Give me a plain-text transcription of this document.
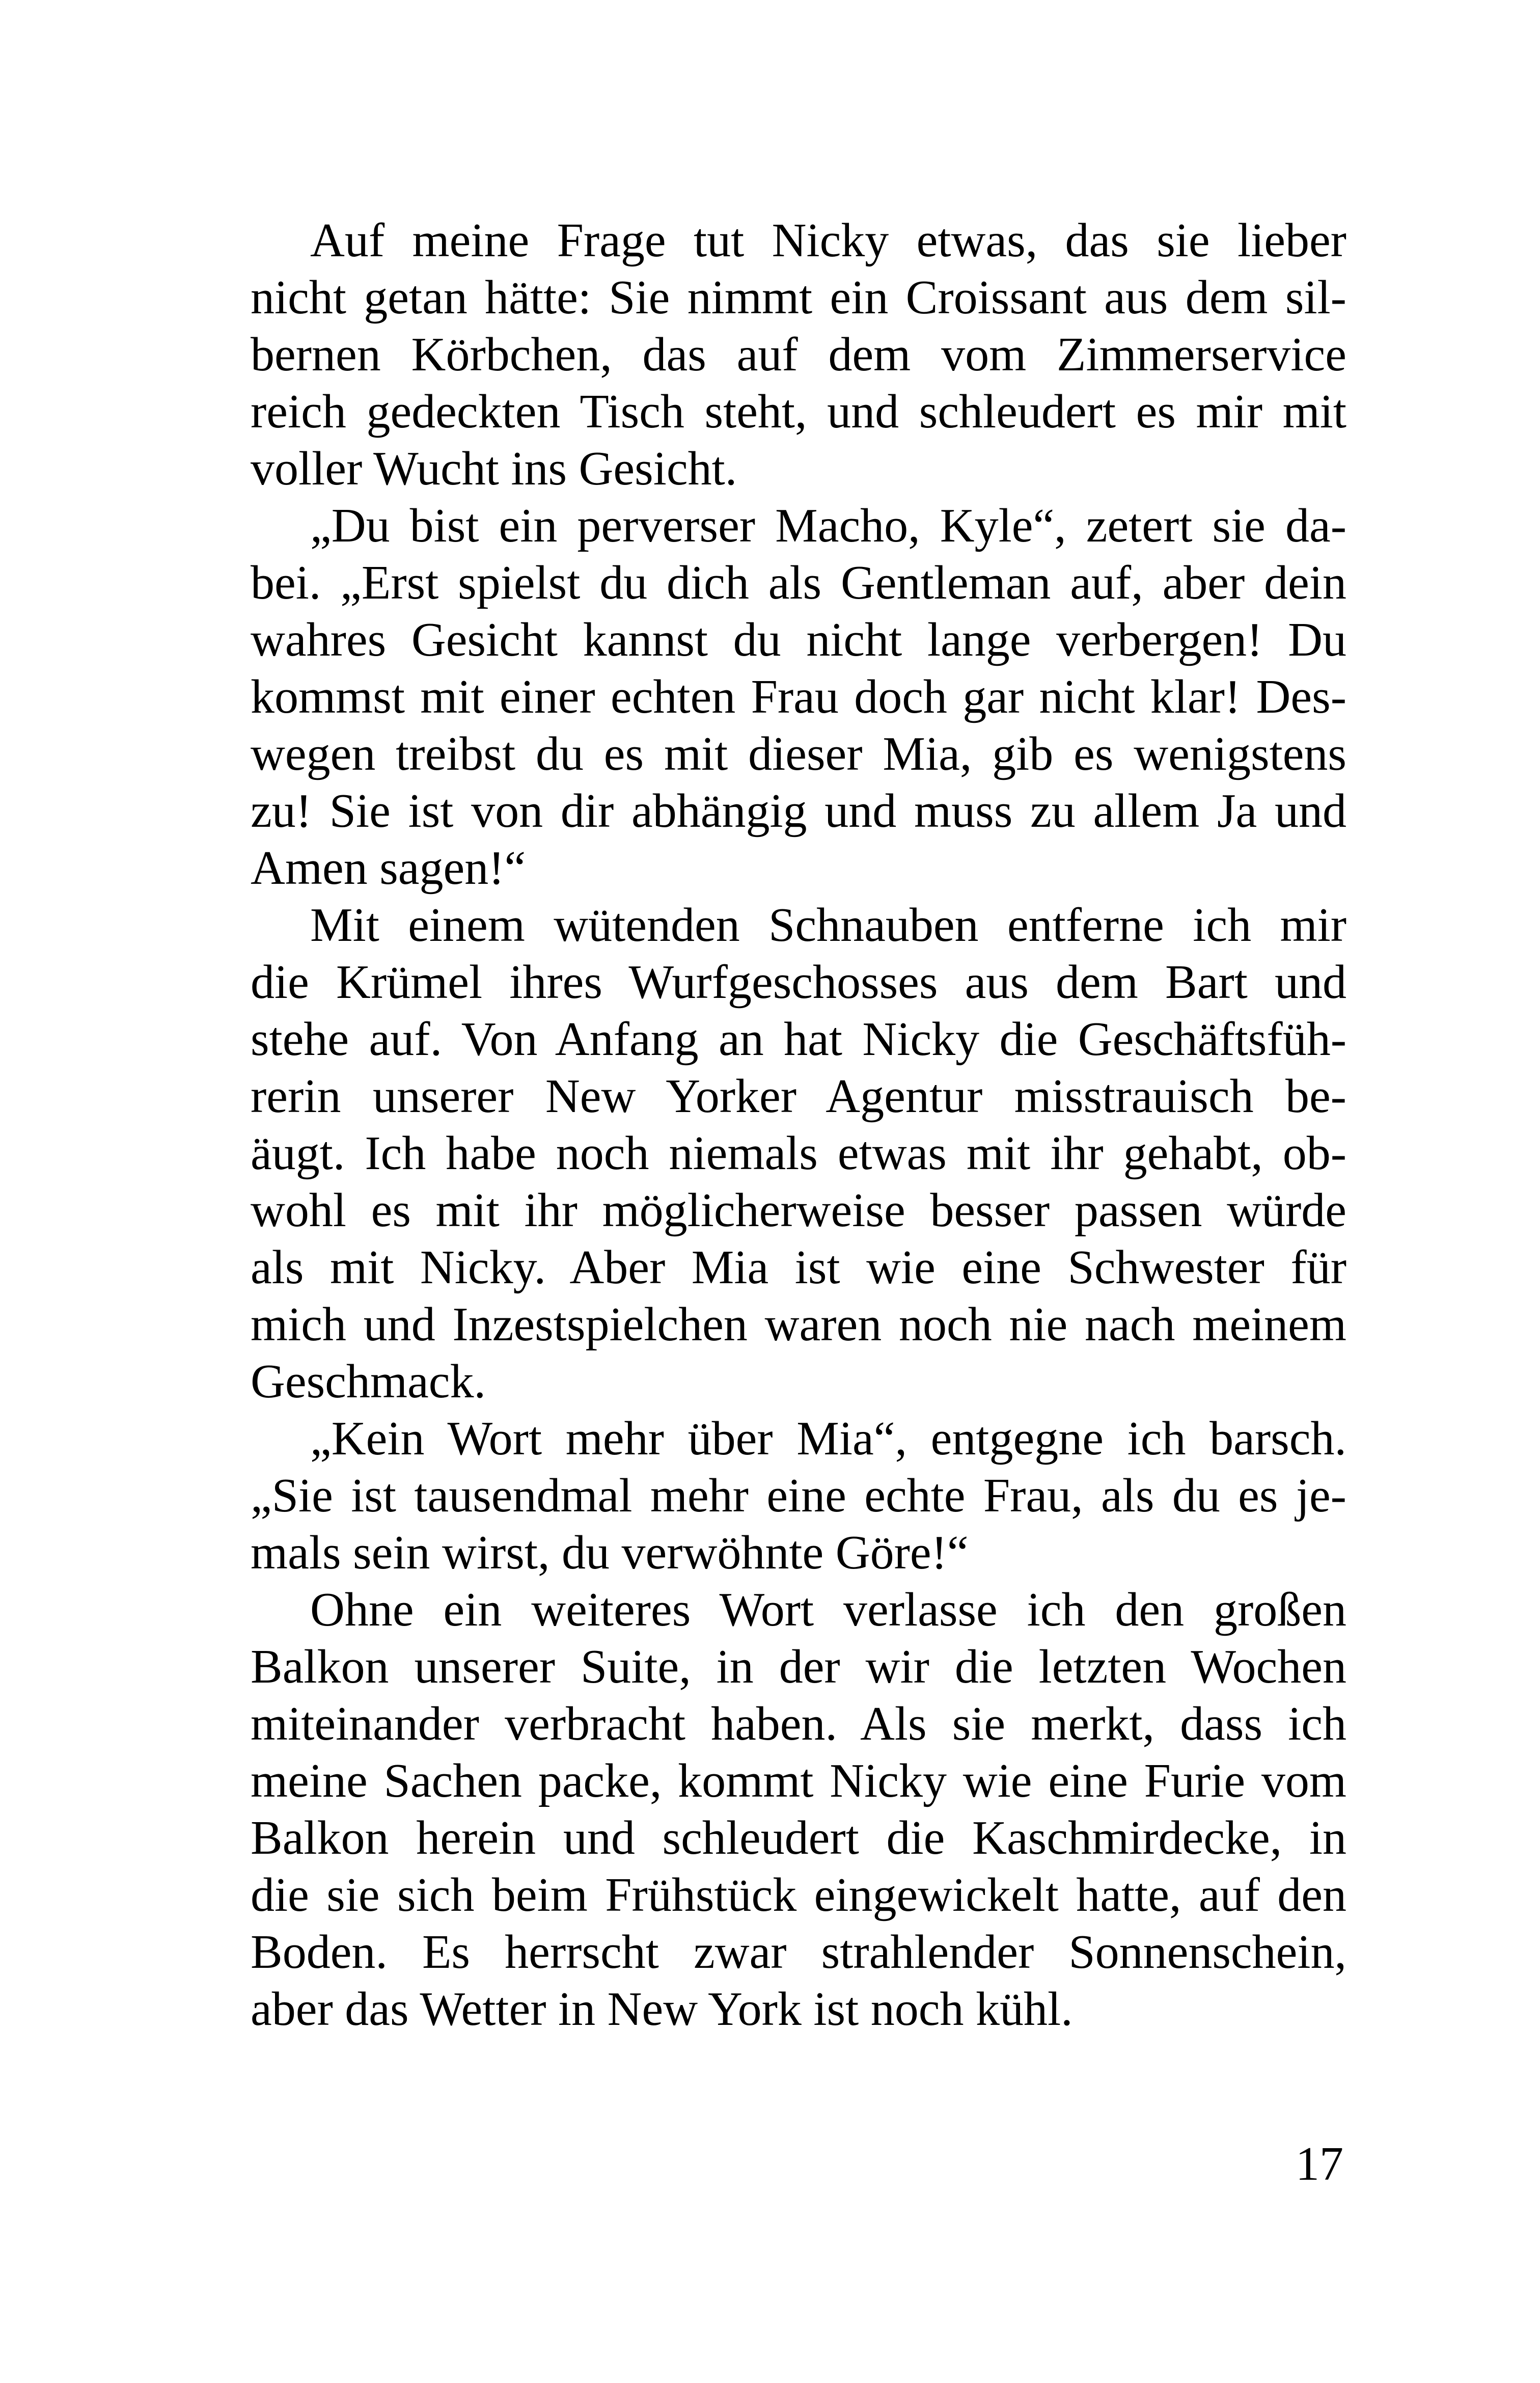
Auf meine Frage tut Nicky etwas, das sie lieber
nicht getan hätte: Sie nimmt ein Croissant aus dem sil-
bernen Körbchen, das auf dem vom Zimmerservice
reich gedeckten Tisch steht, und schleudert es mir mit
voller Wucht ins Gesicht.

„Du bist ein perverser Macho, Kyle“, zetert sie da-
bei. „Erst spielst du dich als Gentleman auf, aber dein
wahres Gesicht kannst du nicht lange verbergen! Du
kommst mit einer echten Frau doch gar nicht klar! Des-
wegen treibst du es mit dieser Mia, gib es wenigstens
zu! Sie ist von dir abhängig und muss zu allem Ja und
Amen sagen!“

Mit einem wütenden Schnauben entferne ich mir
die Krümel ihres Wurfgeschosses aus dem Bart und
stehe auf. Von Anfang an hat Nicky die Geschäftsfüh-
rerin unserer New Yorker Agentur misstrauisch be-
äugt. Ich habe noch niemals etwas mit ihr gehabt, ob-
wohl es mit ihr möglicherweise besser passen würde
als mit Nicky. Aber Mia ist wie eine Schwester für
mich und Inzestspielchen waren noch nie nach meinem
Geschmack.

„Kein Wort mehr über Mia“, entgegne ich barsch.
„Sie ist tausendmal mehr eine echte Frau, als du es je-
mals sein wirst, du verwöhnte Göre!“

Ohne ein weiteres Wort verlasse ich den großen
Balkon unserer Suite, in der wir die letzten Wochen
miteinander verbracht haben. Als sie merkt, dass ich
meine Sachen packe, kommt Nicky wie eine Furie vom
Balkon herein und schleudert die Kaschmirdecke, in
die sie sich beim Frühstück eingewickelt hatte, auf den
Boden. Es herrscht zwar strahlender Sonnenschein,
aber das Wetter in New York ist noch kühl.

17
